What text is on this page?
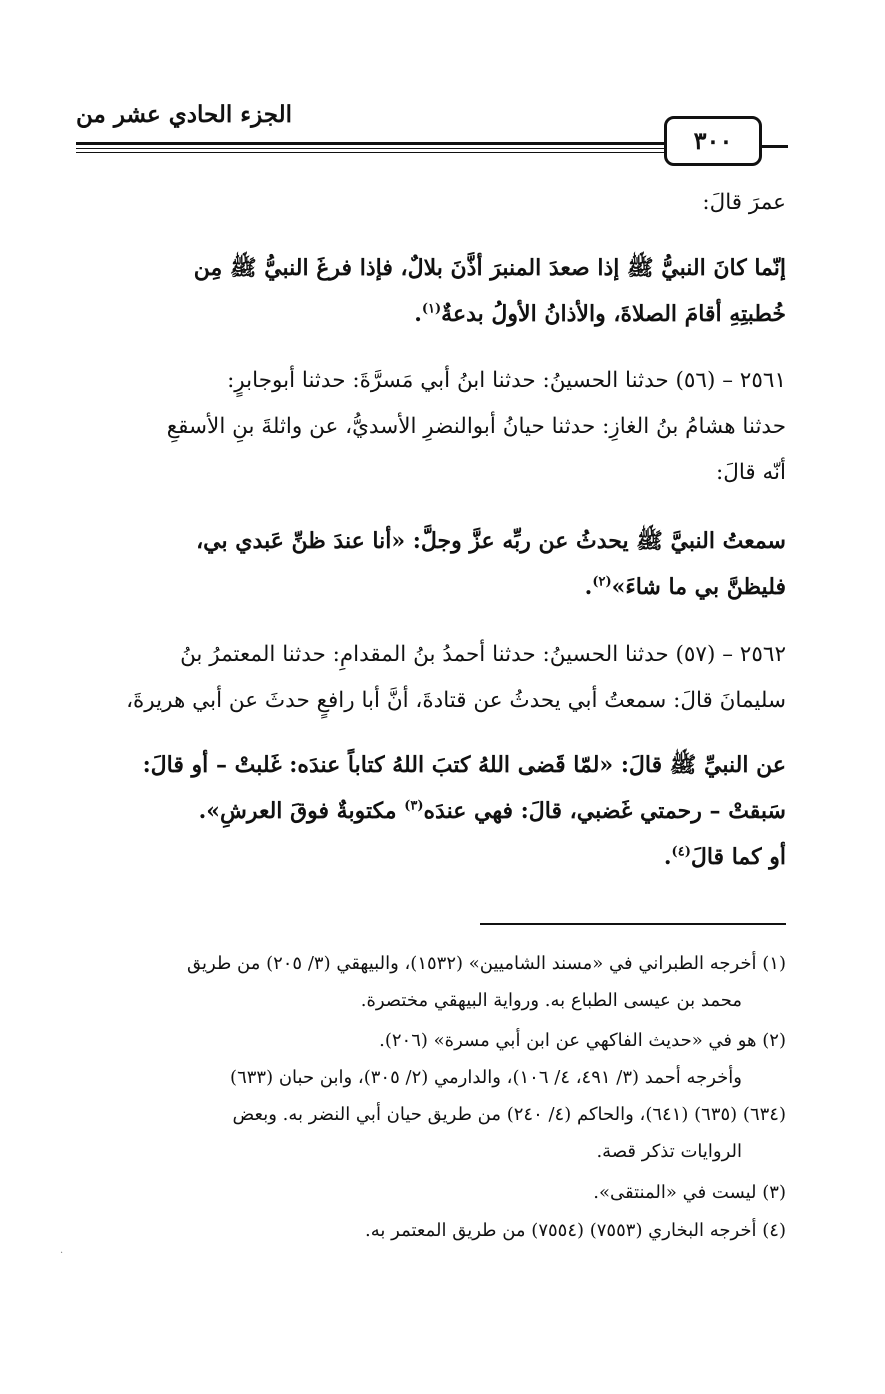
الجزء الحادي عشر من
٣٠٠
عمرَ قالَ:
إنّما كانَ النبيُّ ﷺ إذا صعدَ المنبرَ أذَّنَ بلالٌ، فإذا فرغَ النبيُّ ﷺ مِن
خُطبتِهِ أقامَ الصلاةَ، والأذانُ الأولُ بدعةٌ$^{(١)}$.
٢٥٦١ – (٥٦) حدثنا الحسينُ: حدثنا ابنُ أبي مَسرَّةَ: حدثنا أبوجابرٍ:
حدثنا هشامُ بنُ الغازِ: حدثنا حيانُ أبوالنضرِ الأسديُّ، عن واثلةَ بنِ الأسقعِ
أنّه قالَ:
سمعتُ النبيَّ ﷺ يحدثُ عن ربِّه عزَّ وجلَّ: «أنا عندَ ظنِّ عَبدي بي،
فليظنَّ بي ما شاءَ»$^{(٢)}$.
٢٥٦٢ – (٥٧) حدثنا الحسينُ: حدثنا أحمدُ بنُ المقدامِ: حدثنا المعتمرُ بنُ
سليمانَ قالَ: سمعتُ أبي يحدثُ عن قتادةَ، أنَّ أبا رافعٍ حدثَ عن أبي هريرةَ،
عن النبيِّ ﷺ قالَ: «لمّا قَضى اللهُ كتبَ اللهُ كتاباً عندَه: غَلبتْ – أو قالَ:
سَبقتْ – رحمتي غَضبي، قالَ: فهي عندَه$^{(٣)}$ مكتوبةٌ فوقَ العرشِ».
أو كما قالَ$^{(٤)}$.
(١) أخرجه الطبراني في «مسند الشاميين» (١٥٣٢)، والبيهقي (٣/ ٢٠٥) من طريق
محمد بن عيسى الطباع به. ورواية البيهقي مختصرة.
(٢) هو في «حديث الفاكهي عن ابن أبي مسرة» (٢٠٦).
وأخرجه أحمد (٣/ ٤٩١، ٤/ ١٠٦)، والدارمي (٢/ ٣٠٥)، وابن حبان (٦٣٣)
(٦٣٤) (٦٣٥) (٦٤١)، والحاكم (٤/ ٢٤٠) من طريق حيان أبي النضر به. وبعض
الروايات تذكر قصة.
(٣) ليست في «المنتقى».
(٤) أخرجه البخاري (٧٥٥٣) (٧٥٥٤) من طريق المعتمر به.
·
